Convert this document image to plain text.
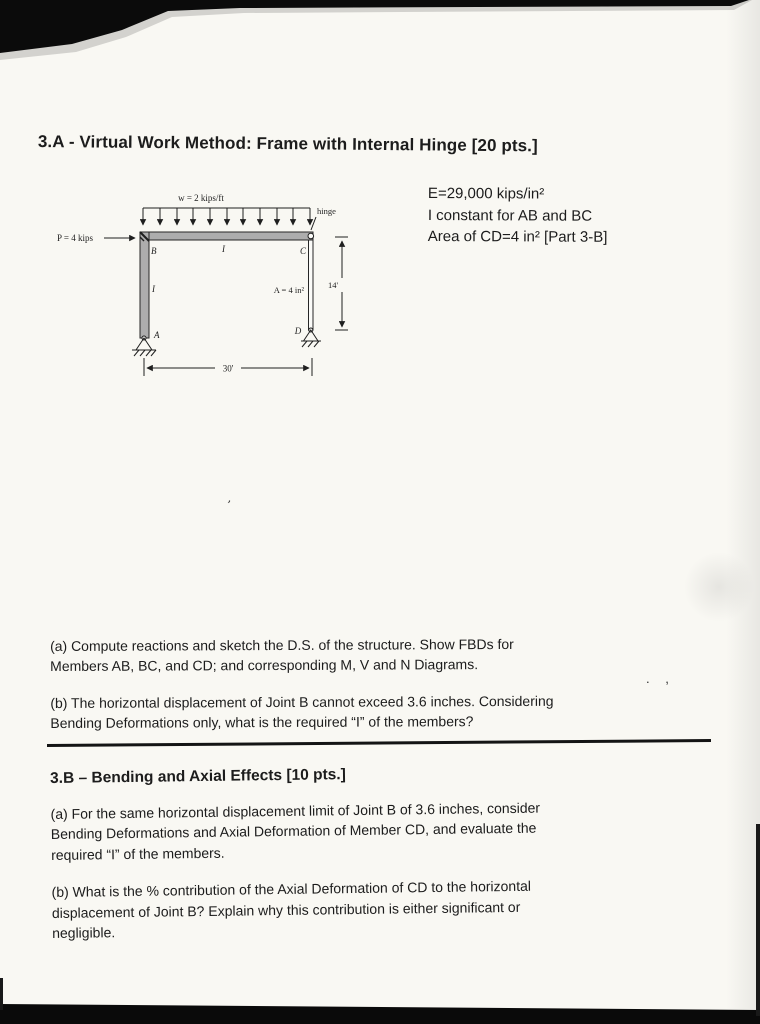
3.A - Virtual Work Method: Frame with Internal Hinge [20 pts.]
E=29,000 kips/in²
I constant for AB and BC
Area of CD=4 in² [Part 3-B]
w = 2 kips/ft
hinge
P = 4 kips
B	I	C
I
A	D
A = 4 in²	14'
30'
(a) Compute reactions and sketch the D.S. of the structure. Show FBDs for
Members AB, BC, and CD; and corresponding M, V and N Diagrams.
(b) The horizontal displacement of Joint B cannot exceed 3.6 inches. Considering
Bending Deformations only, what is the required “I” of the members?
3.B – Bending and Axial Effects [10 pts.]
(a) For the same horizontal displacement limit of Joint B of 3.6 inches, consider
Bending Deformations and Axial Deformation of Member CD, and evaluate the
required “I” of the members.
(b) What is the % contribution of the Axial Deformation of CD to the horizontal
displacement of Joint B? Explain why this contribution is either significant or
negligible.
’
. ,
